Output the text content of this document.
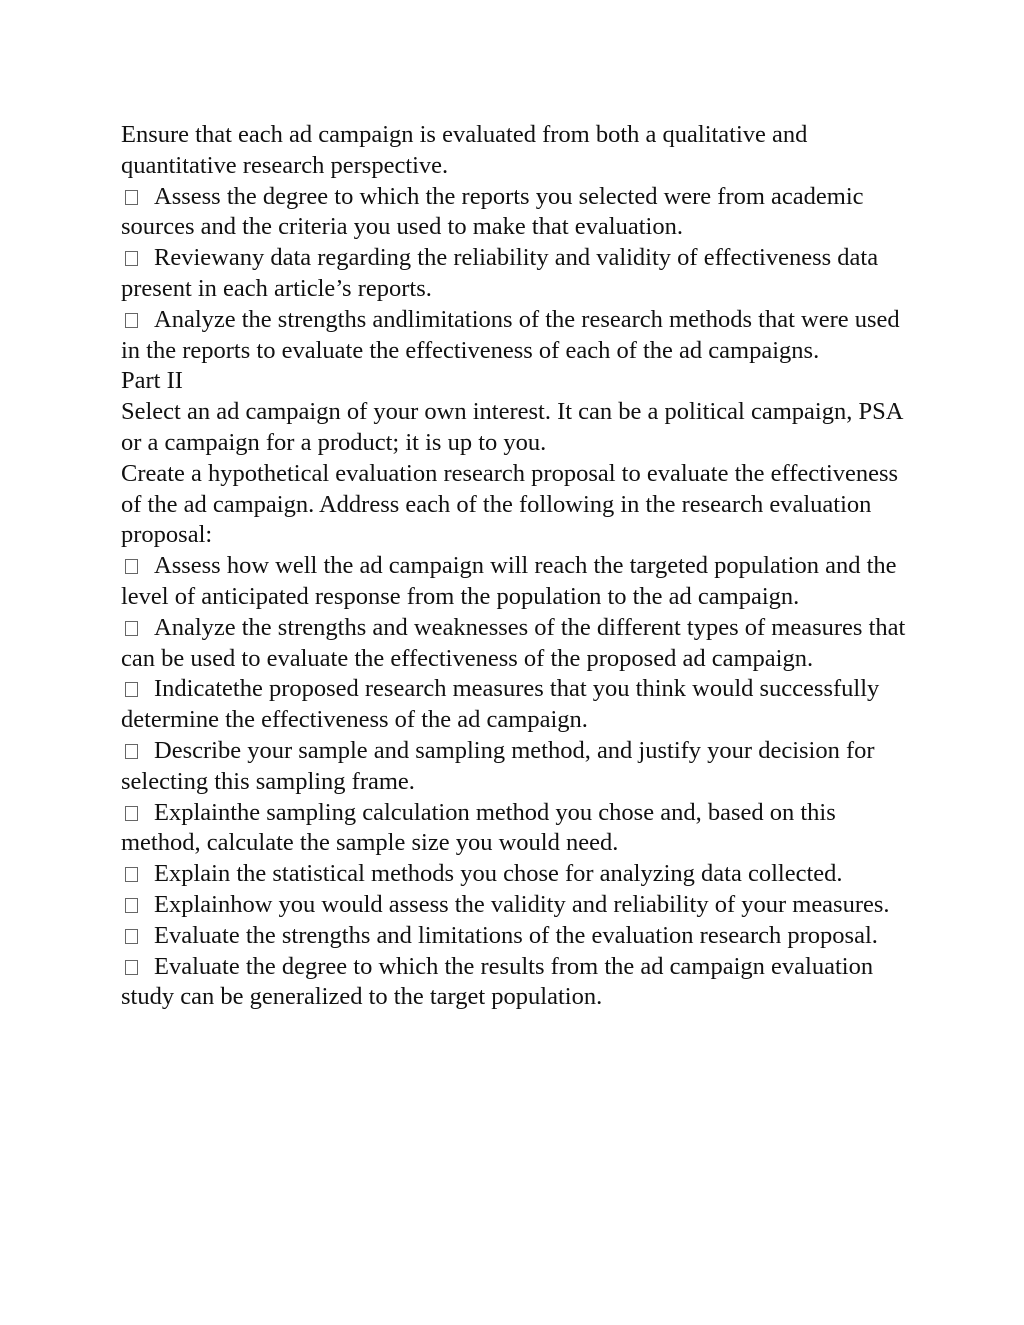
Ensure that each ad campaign is evaluated from both a qualitative and quantitative research perspective.

Assess the degree to which the reports you selected were from academic sources and the criteria you used to make that evaluation.

Reviewany data regarding the reliability and validity of effectiveness data present in each article’s reports.

Analyze the strengths andlimitations of the research methods that were used in the reports to evaluate the effectiveness of each of the ad campaigns.

Part II

Select an ad campaign of your own interest. It can be a political campaign, PSA or a campaign for a product; it is up to you.

Create a hypothetical evaluation research proposal to evaluate the effectiveness of the ad campaign. Address each of the following in the research evaluation proposal:

Assess how well the ad campaign will reach the targeted population and the level of anticipated response from the population to the ad campaign.

Analyze the strengths and weaknesses of the different types of measures that can be used to evaluate the effectiveness of the proposed ad campaign.

Indicatethe proposed research measures that you think would successfully determine the effectiveness of the ad campaign.

Describe your sample and sampling method, and justify your decision for selecting this sampling frame.

Explainthe sampling calculation method you chose and, based on this method, calculate the sample size you would need.

Explain the statistical methods you chose for analyzing data collected.

Explainhow you would assess the validity and reliability of your measures.

Evaluate the strengths and limitations of the evaluation research proposal.

Evaluate the degree to which the results from the ad campaign evaluation study can be generalized to the target population.
